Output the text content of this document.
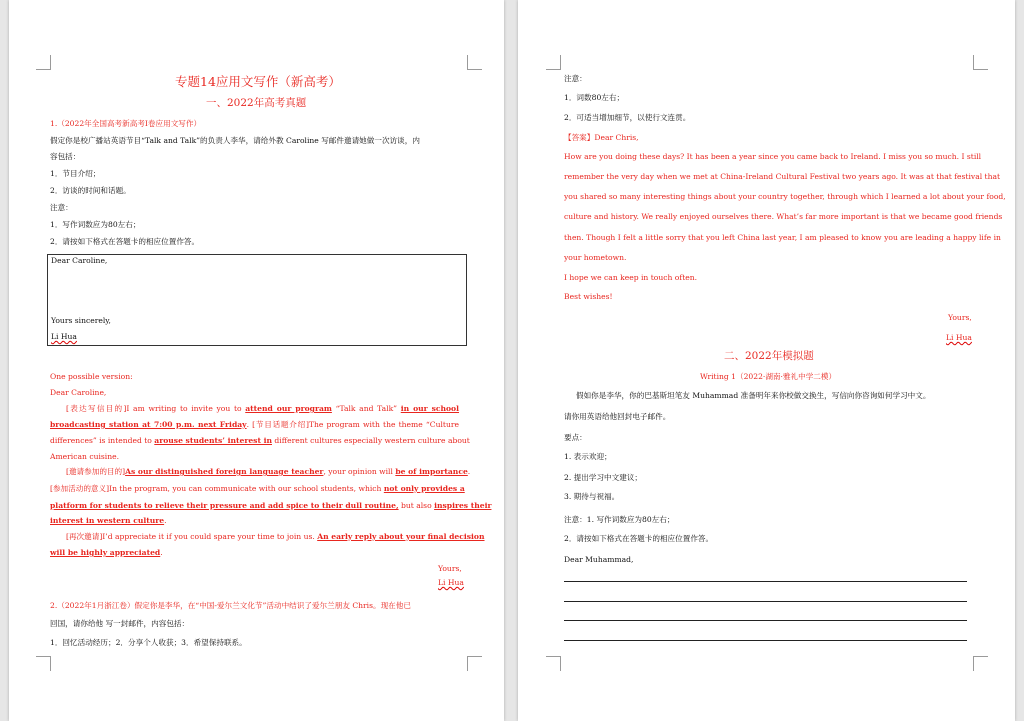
专题14应用文写作（新高考）
一、2022年高考真题
1.（2022年全国高考新高考I卷应用文写作）
假定你是校广播站英语节目“Talk and Talk”的负责人李华，请给外教 Caroline 写邮件邀请她做一次访谈，内
容包括：
1．节目介绍；
2．访谈的时间和话题。
注意：
1．写作词数应为80左右；
2．请按如下格式在答题卡的相应位置作答。
Dear Caroline,
Yours sincerely,
Li Hua
One possible version:
Dear Caroline,
[表达写信目的]I am writing to invite you to attend our program “Talk and Talk” in our school
broadcasting station at 7:00 p.m. next Friday. [节目话题介绍]The program with the theme “Culture
differences” is intended to arouse students’ interest in different cultures especially western culture about
American cuisine.
[邀请参加的目的]As our distinguished foreign language teacher, your opinion will be of importance.
[参加活动的意义]In the program, you can communicate with our school students, which not only provides a
platform for students to relieve their pressure and add spice to their dull routine, but also inspires their
interest in western culture.
[再次邀请]I’d appreciate it if you could spare your time to join us. An early reply about your final decision
will be highly appreciated.
Yours,
Li Hua
2.（2022年1月浙江卷）假定你是李华，在“中国-爱尔兰文化节”活动中结识了爱尔兰朋友 Chris。现在他已
回国，请你给他 写一封邮件，内容包括：
1．回忆活动经历；2．分享个人收获；3．希望保持联系。
注意：
1．词数80左右；
2．可适当增加细节，以使行文连贯。
【答案】Dear Chris,
How are you doing these days? It has been a year since you came back to Ireland. I miss you so much. I still
remember the very day when we met at China-Ireland Cultural Festival two years ago. It was at that festival that
you shared so many interesting things about your country together, through which I learned a lot about your food,
culture and history. We really enjoyed ourselves there. What’s far more important is that we became good friends
then. Though I felt a little sorry that you left China last year, I am pleased to know you are leading a happy life in
your hometown.
I hope we can keep in touch often.
Best wishes!
Yours,
Li Hua
二、2022年模拟题
Writing 1（2022·湖南·雅礼中学二模）
假如你是李华，你的巴基斯坦笔友 Muhammad 准备明年来你校做交换生，写信向你咨询如何学习中文。
请你用英语给他回封电子邮件。
要点：
1. 表示欢迎；
2. 提出学习中文建议；
3. 期待与祝福。
注意：1. 写作词数应为80左右；
2．请按如下格式在答题卡的相应位置作答。
Dear Muhammad,
